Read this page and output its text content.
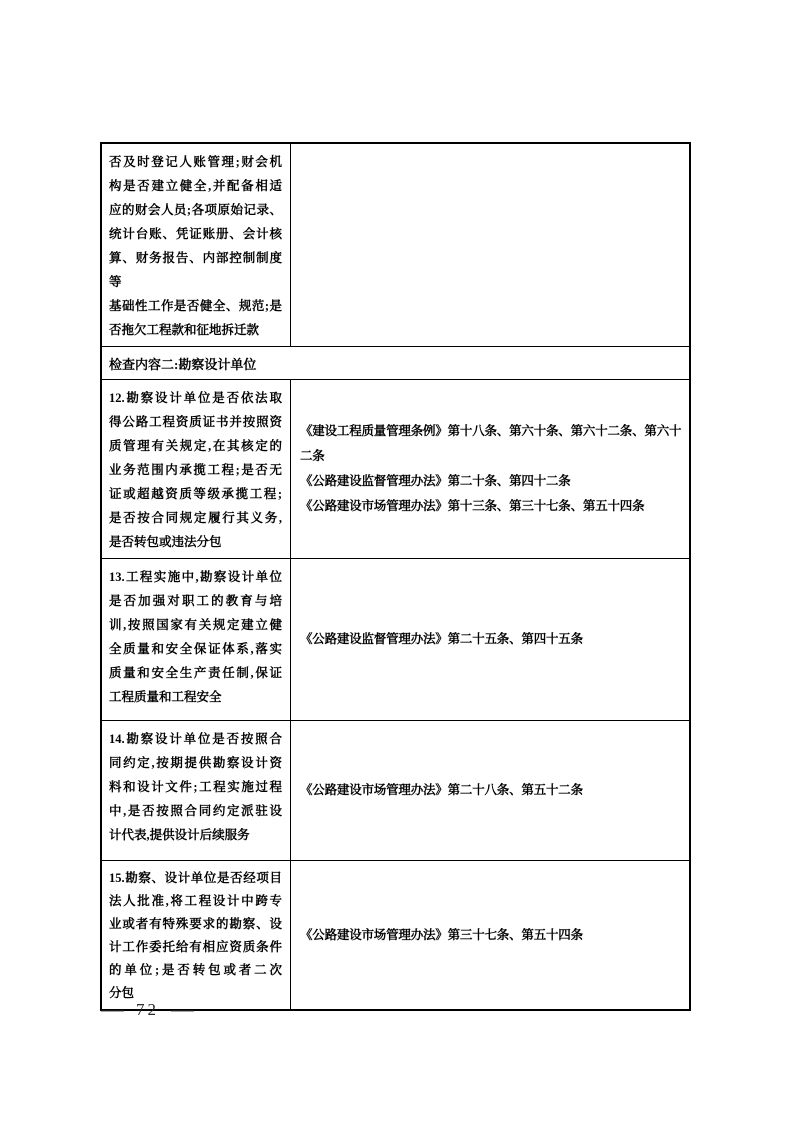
否及时登记人账管理;财会机
构是否建立健全,并配备相适
应的财会人员;各项原始记录、
统计台账、凭证账册、会计核
算、财务报告、内部控制制度等
基础性工作是否健全、规范;是
否拖欠工程款和征地拆迁款
检查内容二:勘察设计单位
12.勘察设计单位是否依法取
得公路工程资质证书并按照资
质管理有关规定,在其核定的
业务范围内承揽工程;是否无
证或超越资质等级承揽工程;
是否按合同规定履行其义务,
是否转包或违法分包
《建设工程质量管理条例》第十八条、第六十条、第六十二条、第六十
二条
《公路建设监督管理办法》第二十条、第四十二条
《公路建设市场管理办法》第十三条、第三十七条、第五十四条
13.工程实施中,勘察设计单位
是否加强对职工的教育与培
训,按照国家有关规定建立健
全质量和安全保证体系,落实
质量和安全生产责任制,保证
工程质量和工程安全
《公路建设监督管理办法》第二十五条、第四十五条
14.勘察设计单位是否按照合
同约定,按期提供勘察设计资
料和设计文件;工程实施过程
中,是否按照合同约定派驻设
计代表,提供设计后续服务
《公路建设市场管理办法》第二十八条、第五十二条
15.勘察、设计单位是否经项目
法人批准,将工程设计中跨专
业或者有特殊要求的勘察、设
计工作委托给有相应资质条件
的单位;是否转包或者二次
分包
《公路建设市场管理办法》第三十七条、第五十四条
— 72 —
